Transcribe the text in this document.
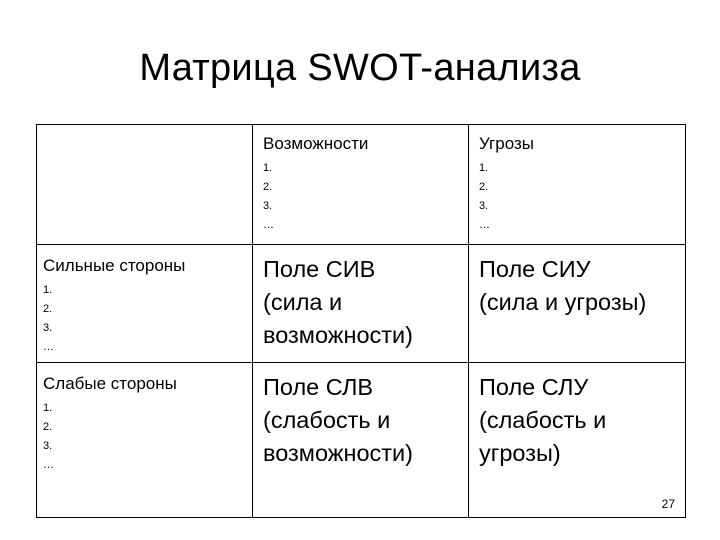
Матрица SWOT-анализа
Возможности
1.
2.
3.
…
Угрозы
1.
2.
3.
…
Сильные стороны
1.
2.
3.
…
Поле СИВ
(сила и
возможности)
Поле СИУ
(сила и угрозы)
Слабые стороны
1.
2.
3.
…
Поле СЛВ
(слабость и
возможности)
Поле СЛУ
(слабость и
угрозы)
27
